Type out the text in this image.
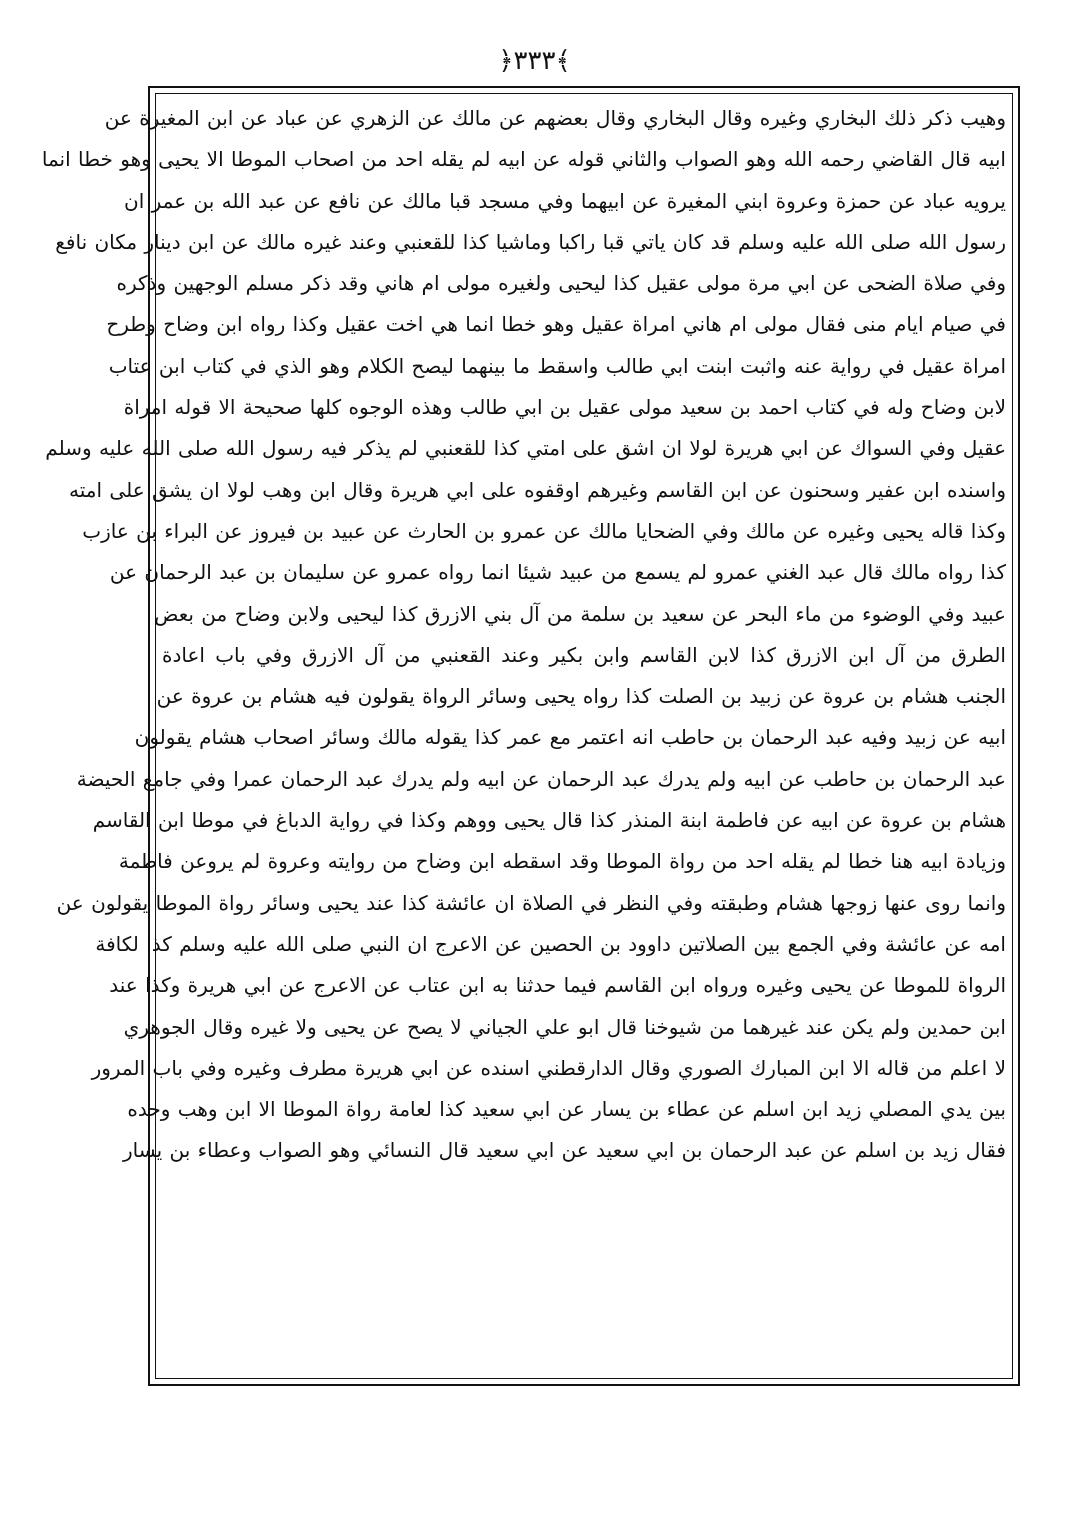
﴿٣٣٣﴾
وهيب ذكر ذلك البخاري وغيره وقال البخاري وقال بعضهم عن مالك عن الزهري عن عباد عن ابن المغيرة عن
ابيه قال القاضي رحمه الله وهو الصواب والثاني قوله عن ابيه لم يقله احد من اصحاب الموطا الا يحيى وهو خطا انما
يرويه عباد عن حمزة وعروة ابني المغيرة عن ابيهما وفي مسجد قبا مالك عن نافع عن عبد الله بن عمر ان
رسول الله صلى الله عليه وسلم قد كان ياتي قبا راكبا وماشيا كذا للقعنبي وعند غيره مالك عن ابن دينار مكان نافع
وفي صلاة الضحى عن ابي مرة مولى عقيل كذا ليحيى ولغيره مولى ام هاني وقد ذكر مسلم الوجهين وذكره
في صيام ايام منى فقال مولى ام هاني امراة عقيل وهو خطا انما هي اخت عقيل وكذا رواه ابن وضاح وطرح
امراة عقيل في رواية عنه واثبت ابنت ابي طالب واسقط ما بينهما ليصح الكلام وهو الذي في كتاب ابن عتاب
لابن وضاح وله في كتاب احمد بن سعيد مولى عقيل بن ابي طالب وهذه الوجوه كلها صحيحة الا قوله امراة
عقيل وفي السواك عن ابي هريرة لولا ان اشق على امتي كذا للقعنبي لم يذكر فيه رسول الله صلى الله عليه وسلم
واسنده ابن عفير وسحنون عن ابن القاسم وغيرهم اوقفوه على ابي هريرة وقال ابن وهب لولا ان يشق على امته
وكذا قاله يحيى وغيره عن مالك وفي الضحايا مالك عن عمرو بن الحارث عن عبيد بن فيروز عن البراء بن عازب
كذا رواه مالك قال عبد الغني عمرو لم يسمع من عبيد شيئا انما رواه عمرو عن سليمان بن عبد الرحمان عن
عبيد وفي الوضوء من ماء البحر عن سعيد بن سلمة من آل بني الازرق كذا ليحيى ولابن وضاح من بعض
الطرق من آل ابن الازرق كذا لابن القاسم وابن بكير وعند القعنبي من آل الازرق وفي باب اعادة
الجنب هشام بن عروة عن زبيد بن الصلت كذا رواه يحيى وسائر الرواة يقولون فيه هشام بن عروة عن
ابيه عن زبيد وفيه عبد الرحمان بن حاطب انه اعتمر مع عمر كذا يقوله مالك وسائر اصحاب هشام يقولون
عبد الرحمان بن حاطب عن ابيه ولم يدرك عبد الرحمان عن ابيه ولم يدرك عبد الرحمان عمرا وفي جامع الحيضة
هشام بن عروة عن ابيه عن فاطمة ابنة المنذر كذا قال يحيى ووهم وكذا في رواية الدباغ في موطا ابن القاسم
وزيادة ابيه هنا خطا لم يقله احد من رواة الموطا وقد اسقطه ابن وضاح من روايته وعروة لم يروعن فاطمة
وانما روى عنها زوجها هشام وطبقته وفي النظر في الصلاة ان عائشة كذا عند يحيى وسائر رواة الموطا يقولون عن
امه عن عائشة وفي الجمع بين الصلاتين داوود بن الحصين عن الاعرج ان النبي صلى الله عليه وسلم كذا لكافة
الرواة للموطا عن يحيى وغيره ورواه ابن القاسم فيما حدثنا به ابن عتاب عن الاعرج عن ابي هريرة وكذا عند
ابن حمدين ولم يكن عند غيرهما من شيوخنا قال ابو علي الجياني لا يصح عن يحيى ولا غيره وقال الجوهري
لا اعلم من قاله الا ابن المبارك الصوري وقال الدارقطني اسنده عن ابي هريرة مطرف وغيره وفي باب المرور
بين يدي المصلي زيد ابن اسلم عن عطاء بن يسار عن ابي سعيد كذا لعامة رواة الموطا الا ابن وهب وحده
فقال زيد بن اسلم عن عبد الرحمان بن ابي سعيد عن ابي سعيد قال النسائي وهو الصواب وعطاء بن يسار
